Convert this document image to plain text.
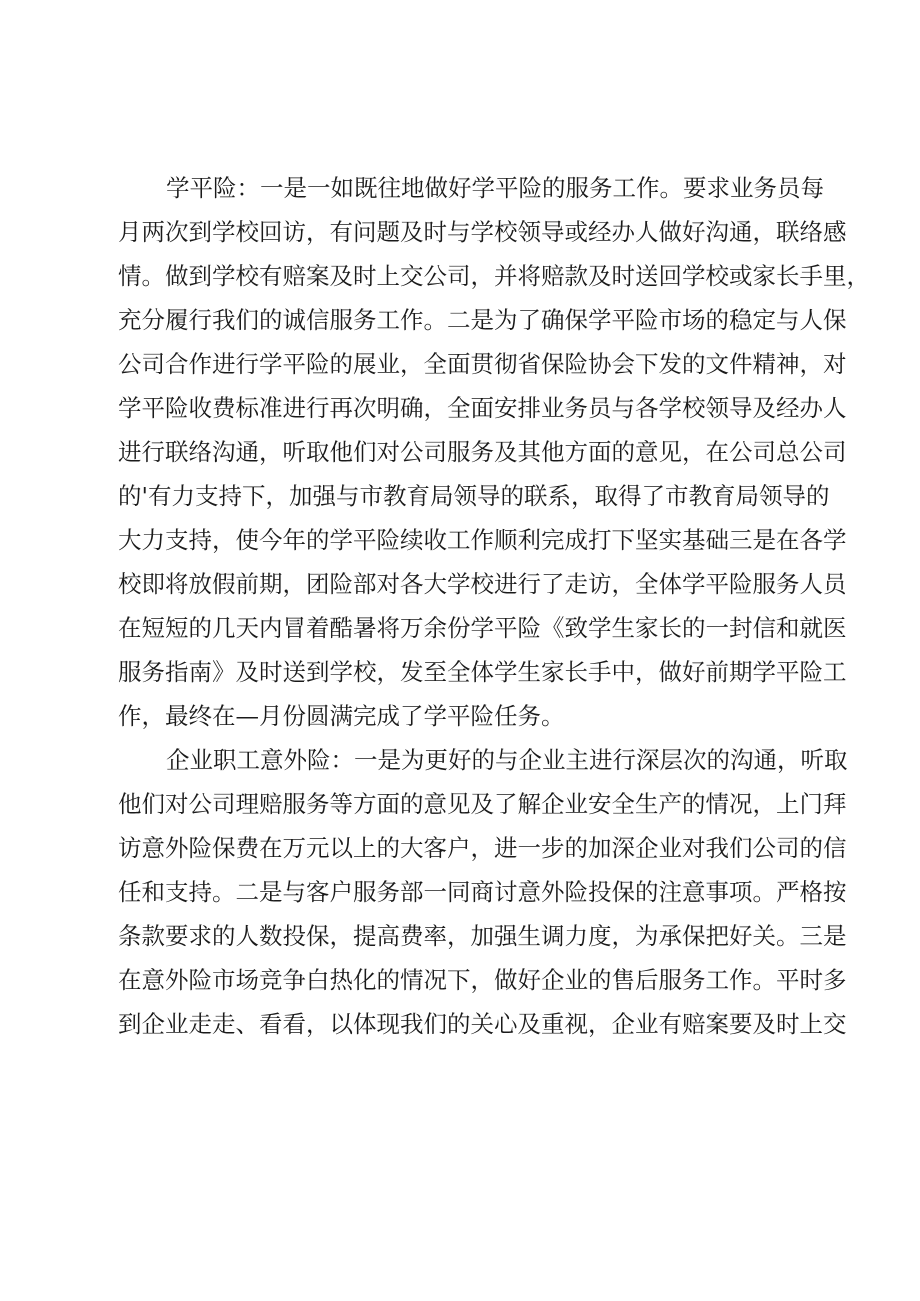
学平险：一是一如既往地做好学平险的服务工作。要求业务员每
月两次到学校回访，有问题及时与学校领导或经办人做好沟通，联络感
情。做到学校有赔案及时上交公司，并将赔款及时送回学校或家长手里，
充分履行我们的诚信服务工作。二是为了确保学平险市场的稳定与人保
公司合作进行学平险的展业，全面贯彻省保险协会下发的文件精神，对
学平险收费标准进行再次明确，全面安排业务员与各学校领导及经办人
进行联络沟通，听取他们对公司服务及其他方面的意见，在公司总公司
的'有力支持下，加强与市教育局领导的联系，取得了市教育局领导的
大力支持，使今年的学平险续收工作顺利完成打下坚实基础三是在各学
校即将放假前期，团险部对各大学校进行了走访，全体学平险服务人员
在短短的几天内冒着酷暑将万余份学平险《致学生家长的一封信和就医
服务指南》及时送到学校，发至全体学生家长手中，做好前期学平险工
作，最终在—月份圆满完成了学平险任务。
企业职工意外险：一是为更好的与企业主进行深层次的沟通，听取
他们对公司理赔服务等方面的意见及了解企业安全生产的情况，上门拜
访意外险保费在万元以上的大客户，进一步的加深企业对我们公司的信
任和支持。二是与客户服务部一同商讨意外险投保的注意事项。严格按
条款要求的人数投保，提高费率，加强生调力度，为承保把好关。三是
在意外险市场竞争白热化的情况下，做好企业的售后服务工作。平时多
到企业走走、看看，以体现我们的关心及重视，企业有赔案要及时上交
